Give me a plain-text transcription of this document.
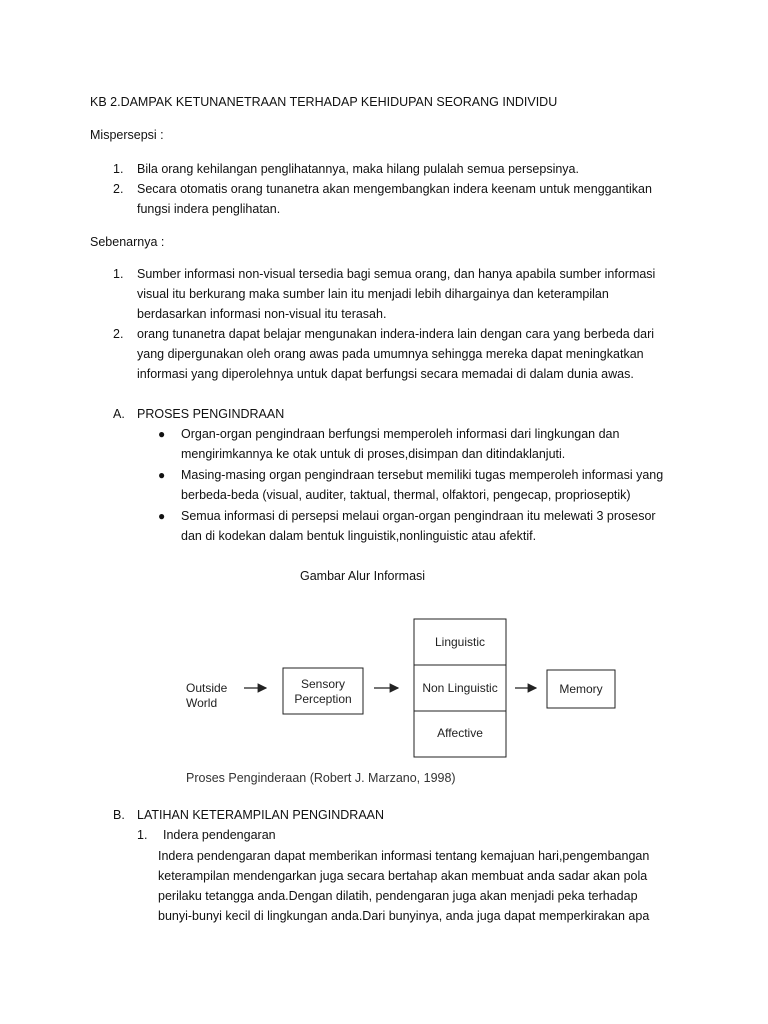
KB 2.DAMPAK KETUNANETRAAN TERHADAP KEHIDUPAN SEORANG INDIVIDU
Mispersepsi :
1. Bila orang kehilangan penglihatannya, maka hilang pulalah semua persepsinya.
2. Secara otomatis orang tunanetra akan mengembangkan indera keenam untuk menggantikan
fungsi indera penglihatan.
Sebenarnya :
1. Sumber informasi non-visual tersedia bagi semua orang, dan hanya apabila sumber informasi
visual itu berkurang maka sumber lain itu menjadi lebih dihargainya dan keterampilan
berdasarkan informasi non-visual itu terasah.
2. orang tunanetra dapat belajar mengunakan indera-indera lain dengan cara yang berbeda dari
yang dipergunakan oleh orang awas pada umumnya sehingga mereka dapat meningkatkan
informasi yang diperolehnya untuk dapat berfungsi secara memadai di dalam dunia awas.
A. PROSES PENGINDRAAN
● Organ-organ pengindraan berfungsi memperoleh informasi dari lingkungan dan
mengirimkannya ke otak untuk di proses,disimpan dan ditindaklanjuti.
● Masing-masing organ pengindraan tersebut memiliki tugas memperoleh informasi yang
berbeda-beda (visual, auditer, taktual, thermal, olfaktori, pengecap, proprioseptik)
● Semua informasi di persepsi melaui organ-organ pengindraan itu melewati 3 prosesor
dan di kodekan dalam bentuk linguistik,nonlinguistic atau afektif.
Gambar Alur Informasi
Outside
World
Sensory
Perception
Linguistic
Non Linguistic
Affective
Memory
Proses Penginderaan (Robert J. Marzano, 1998)
B. LATIHAN KETERAMPILAN PENGINDRAAN
1. Indera pendengaran
Indera pendengaran dapat memberikan informasi tentang kemajuan hari,pengembangan
keterampilan mendengarkan juga secara bertahap akan membuat anda sadar akan pola
perilaku tetangga anda.Dengan dilatih, pendengaran juga akan menjadi peka terhadap
bunyi-bunyi kecil di lingkungan anda.Dari bunyinya, anda juga dapat memperkirakan apa
